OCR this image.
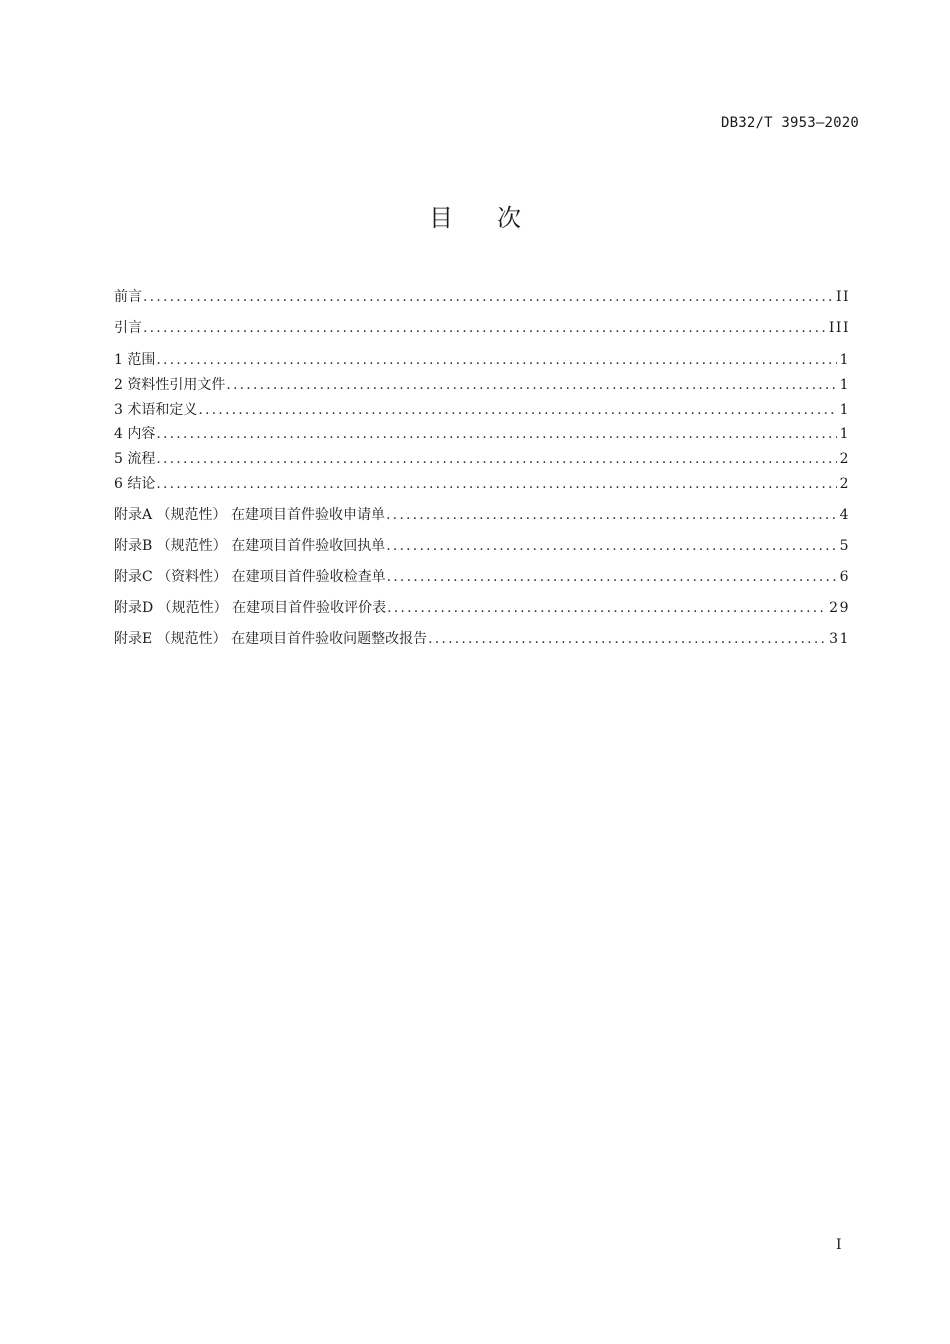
DB32/T 3953—2020
目次
前言 .....	II
引言 .....	III
1 范围 .....	1
2 资料性引用文件 .....	1
3 术语和定义 .....	1
4 内容 .....	1
5 流程 .....	2
6 结论 .....	2
附录A （规范性） 在建项目首件验收申请单 .....	4
附录B （规范性） 在建项目首件验收回执单 .....	5
附录C （资料性） 在建项目首件验收检查单 .....	6
附录D （规范性） 在建项目首件验收评价表 .....	29
附录E （规范性） 在建项目首件验收问题整改报告 .....	31
I
